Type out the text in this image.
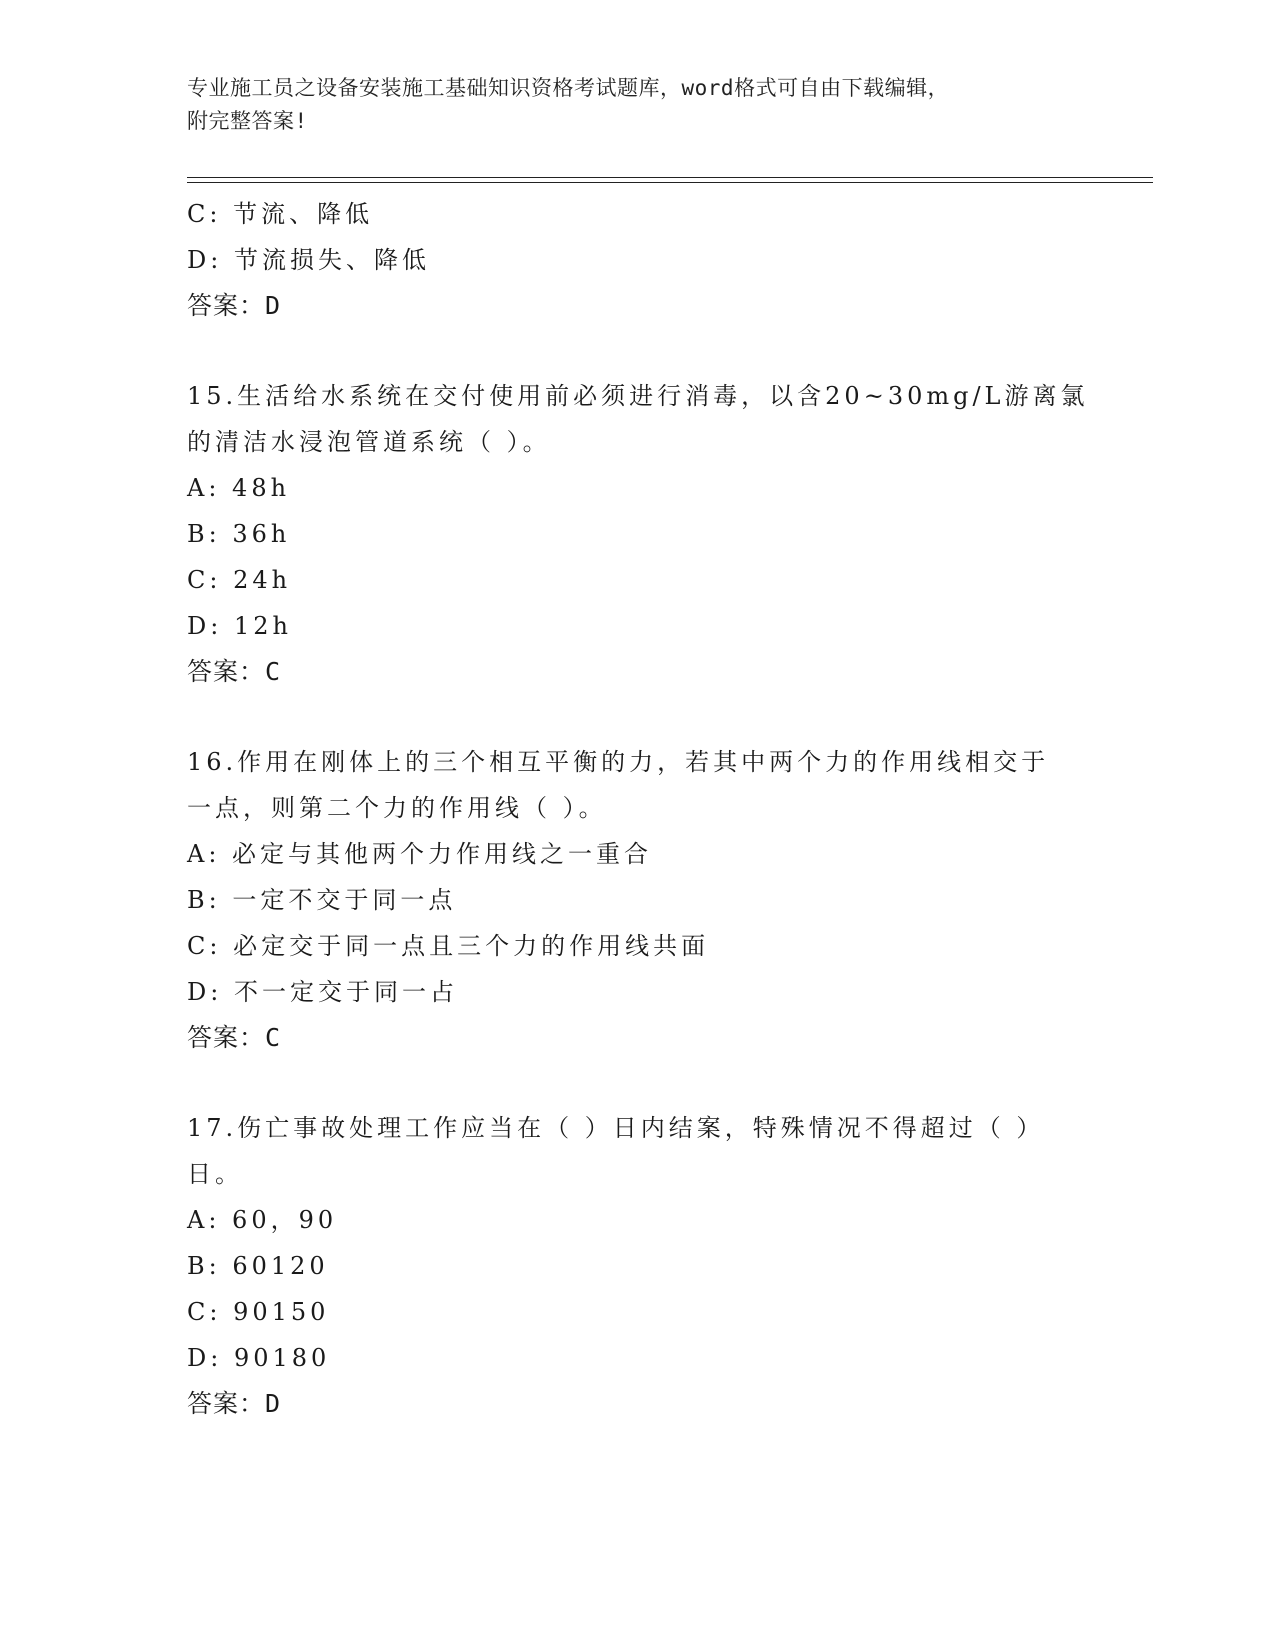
专业施工员之设备安装施工基础知识资格考试题库，word格式可自由下载编辑，
附完整答案!
C: 节流、降低
D: 节流损失、降低
答案：D
15.生活给水系统在交付使用前必须进行消毒，以含20~30mg/L游离氯
的清洁水浸泡管道系统（ ）。
A: 48h
B: 36h
C: 24h
D: 12h
答案：C
16.作用在刚体上的三个相互平衡的力，若其中两个力的作用线相交于
一点，则第二个力的作用线（ ）。
A: 必定与其他两个力作用线之一重合
B: 一定不交于同一点
C: 必定交于同一点且三个力的作用线共面
D: 不一定交于同一占
答案：C
17.伤亡事故处理工作应当在（ ）日内结案，特殊情况不得超过（ ）
日。
A: 60，90
B: 60120
C: 90150
D: 90180
答案：D
